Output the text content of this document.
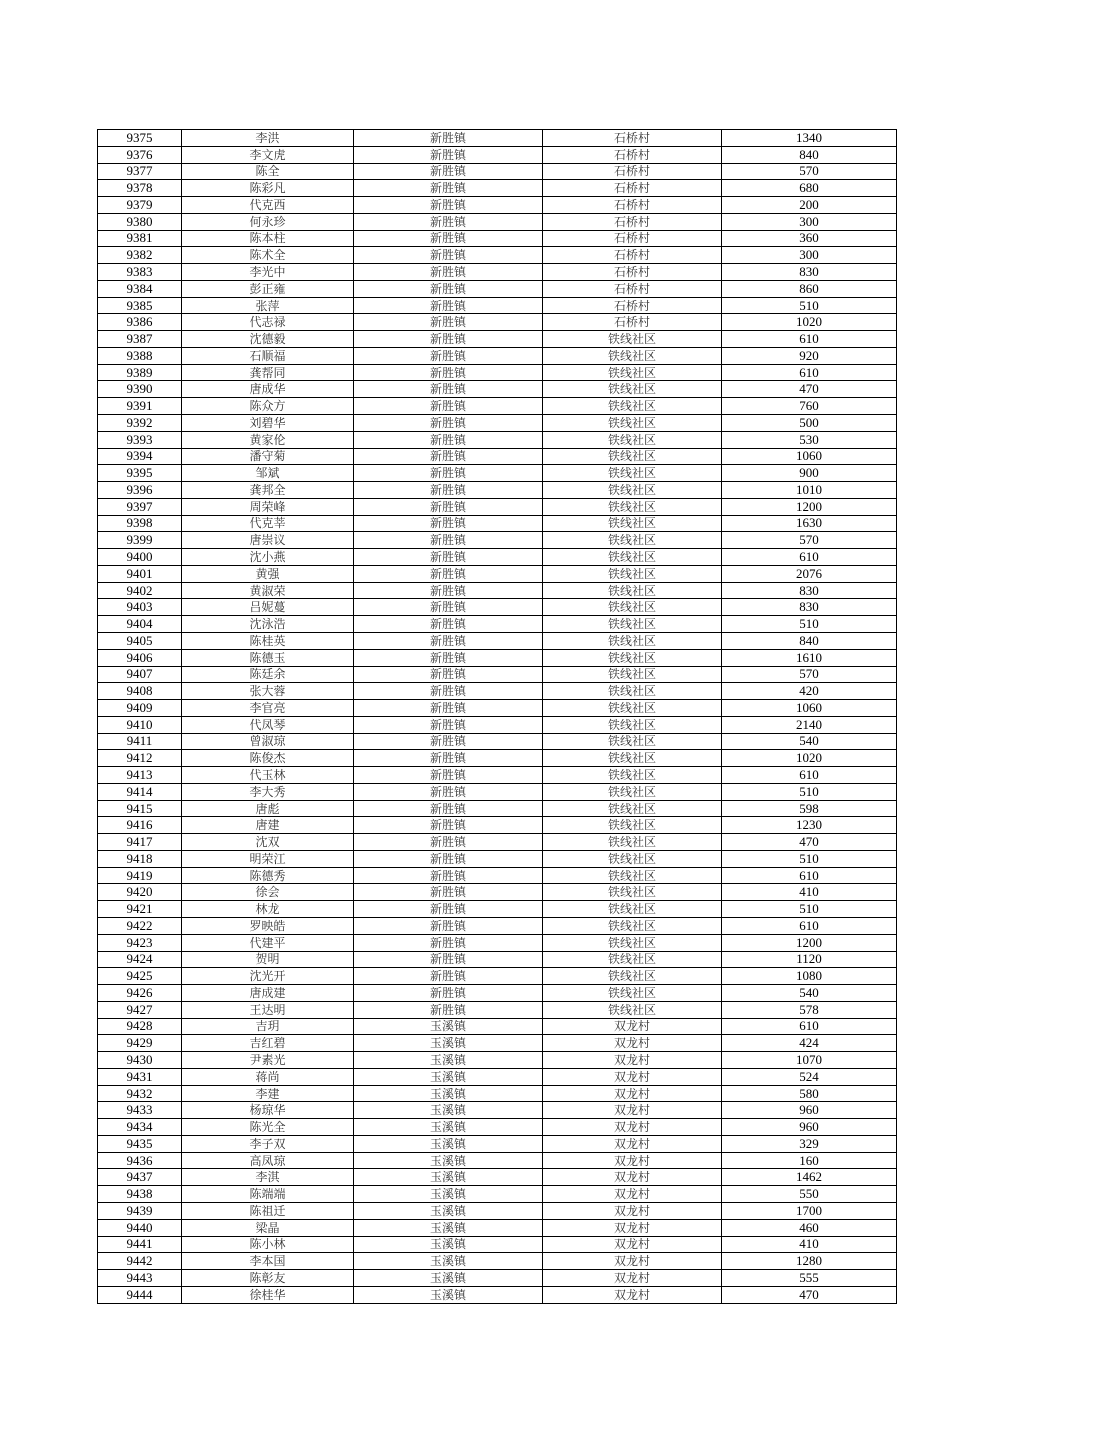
9375	李洪	新胜镇	石桥村	1340
9376	李文虎	新胜镇	石桥村	840
9377	陈全	新胜镇	石桥村	570
9378	陈彩凡	新胜镇	石桥村	680
9379	代克西	新胜镇	石桥村	200
9380	何永珍	新胜镇	石桥村	300
9381	陈本柱	新胜镇	石桥村	360
9382	陈术全	新胜镇	石桥村	300
9383	李光中	新胜镇	石桥村	830
9384	彭正雍	新胜镇	石桥村	860
9385	张萍	新胜镇	石桥村	510
9386	代志禄	新胜镇	石桥村	1020
9387	沈德毅	新胜镇	铁线社区	610
9388	石顺福	新胜镇	铁线社区	920
9389	龚帮同	新胜镇	铁线社区	610
9390	唐成华	新胜镇	铁线社区	470
9391	陈众方	新胜镇	铁线社区	760
9392	刘碧华	新胜镇	铁线社区	500
9393	黄家伦	新胜镇	铁线社区	530
9394	潘守菊	新胜镇	铁线社区	1060
9395	邹斌	新胜镇	铁线社区	900
9396	龚邦全	新胜镇	铁线社区	1010
9397	周荣峰	新胜镇	铁线社区	1200
9398	代克莘	新胜镇	铁线社区	1630
9399	唐崇议	新胜镇	铁线社区	570
9400	沈小燕	新胜镇	铁线社区	610
9401	黄强	新胜镇	铁线社区	2076
9402	黄淑荣	新胜镇	铁线社区	830
9403	吕妮蔓	新胜镇	铁线社区	830
9404	沈泳浩	新胜镇	铁线社区	510
9405	陈桂英	新胜镇	铁线社区	840
9406	陈德玉	新胜镇	铁线社区	1610
9407	陈廷余	新胜镇	铁线社区	570
9408	张大蓉	新胜镇	铁线社区	420
9409	李官亮	新胜镇	铁线社区	1060
9410	代凤琴	新胜镇	铁线社区	2140
9411	曾淑琼	新胜镇	铁线社区	540
9412	陈俊杰	新胜镇	铁线社区	1020
9413	代玉林	新胜镇	铁线社区	610
9414	李大秀	新胜镇	铁线社区	510
9415	唐彪	新胜镇	铁线社区	598
9416	唐建	新胜镇	铁线社区	1230
9417	沈双	新胜镇	铁线社区	470
9418	明荣江	新胜镇	铁线社区	510
9419	陈德秀	新胜镇	铁线社区	610
9420	徐会	新胜镇	铁线社区	410
9421	林龙	新胜镇	铁线社区	510
9422	罗映皓	新胜镇	铁线社区	610
9423	代建平	新胜镇	铁线社区	1200
9424	贺明	新胜镇	铁线社区	1120
9425	沈光开	新胜镇	铁线社区	1080
9426	唐成建	新胜镇	铁线社区	540
9427	王达明	新胜镇	铁线社区	578
9428	吉玥	玉溪镇	双龙村	610
9429	吉红碧	玉溪镇	双龙村	424
9430	尹素光	玉溪镇	双龙村	1070
9431	蒋尚	玉溪镇	双龙村	524
9432	李建	玉溪镇	双龙村	580
9433	杨琼华	玉溪镇	双龙村	960
9434	陈光全	玉溪镇	双龙村	960
9435	李子双	玉溪镇	双龙村	329
9436	高凤琼	玉溪镇	双龙村	160
9437	李淇	玉溪镇	双龙村	1462
9438	陈端端	玉溪镇	双龙村	550
9439	陈祖迁	玉溪镇	双龙村	1700
9440	梁晶	玉溪镇	双龙村	460
9441	陈小林	玉溪镇	双龙村	410
9442	李本国	玉溪镇	双龙村	1280
9443	陈彰友	玉溪镇	双龙村	555
9444	徐桂华	玉溪镇	双龙村	470
